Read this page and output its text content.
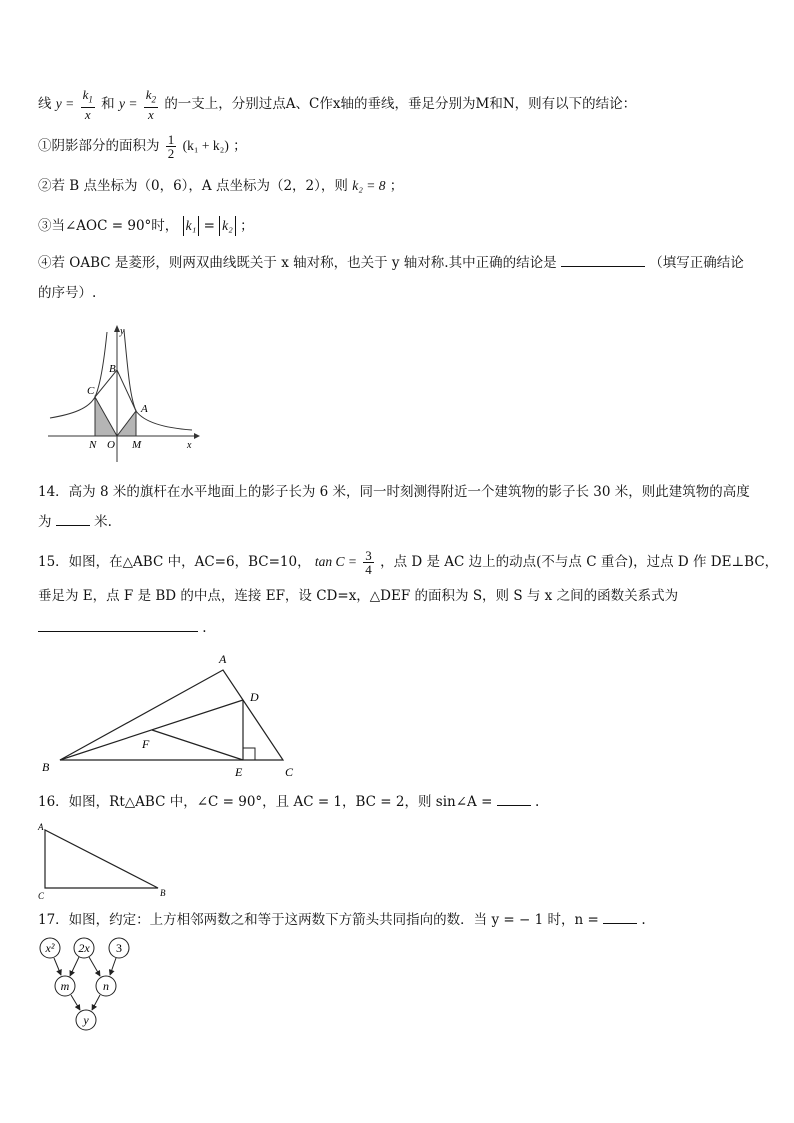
线 $y = \frac{k_1}{x}$ 和 $y = \frac{k_2}{x}$ 的一支上，分别过点A、C作x轴的垂线，垂足分别为M和N，则有以下的结论：
①阴影部分的面积为 $\frac{1}{2} (k_1 + k_2)$ ；
②若 B 点坐标为（0，6），A 点坐标为（2，2），则 k₂ = 8 ；
③当∠AOC = 90°时， k₁ = k₂ ；
④若 OABC 是菱形，则两双曲线既关于 x 轴对称，也关于 y 轴对称.其中正确的结论是	（填写正确结论
的序号）.
y
x
B
C
A
N O M
14．高为 8 米的旗杆在水平地面上的影子长为 6 米，同一时刻测得附近一个建筑物的影子长 30 米，则此建筑物的高度
为	米.
15．如图，在△ABC 中，AC=6，BC=10， $\tan C = \frac{3}{4}$ ，点 D 是 AC 边上的动点(不与点 C 重合)，过点 D 作 DE⊥BC，
垂足为 E，点 F 是 BD 的中点，连接 EF，设 CD=x，△DEF 的面积为 S，则 S 与 x 之间的函数关系式为
.
A
D
F
B	E	C
16．如图，Rt△ABC 中，∠C = 90°，且 AC = 1，BC = 2，则 sin∠A =	.
A
C	B
17．如图，约定：上方相邻两数之和等于这两数下方箭头共同指向的数．当 y = − 1 时，n =	.
x² 2x 3
m	n
y
